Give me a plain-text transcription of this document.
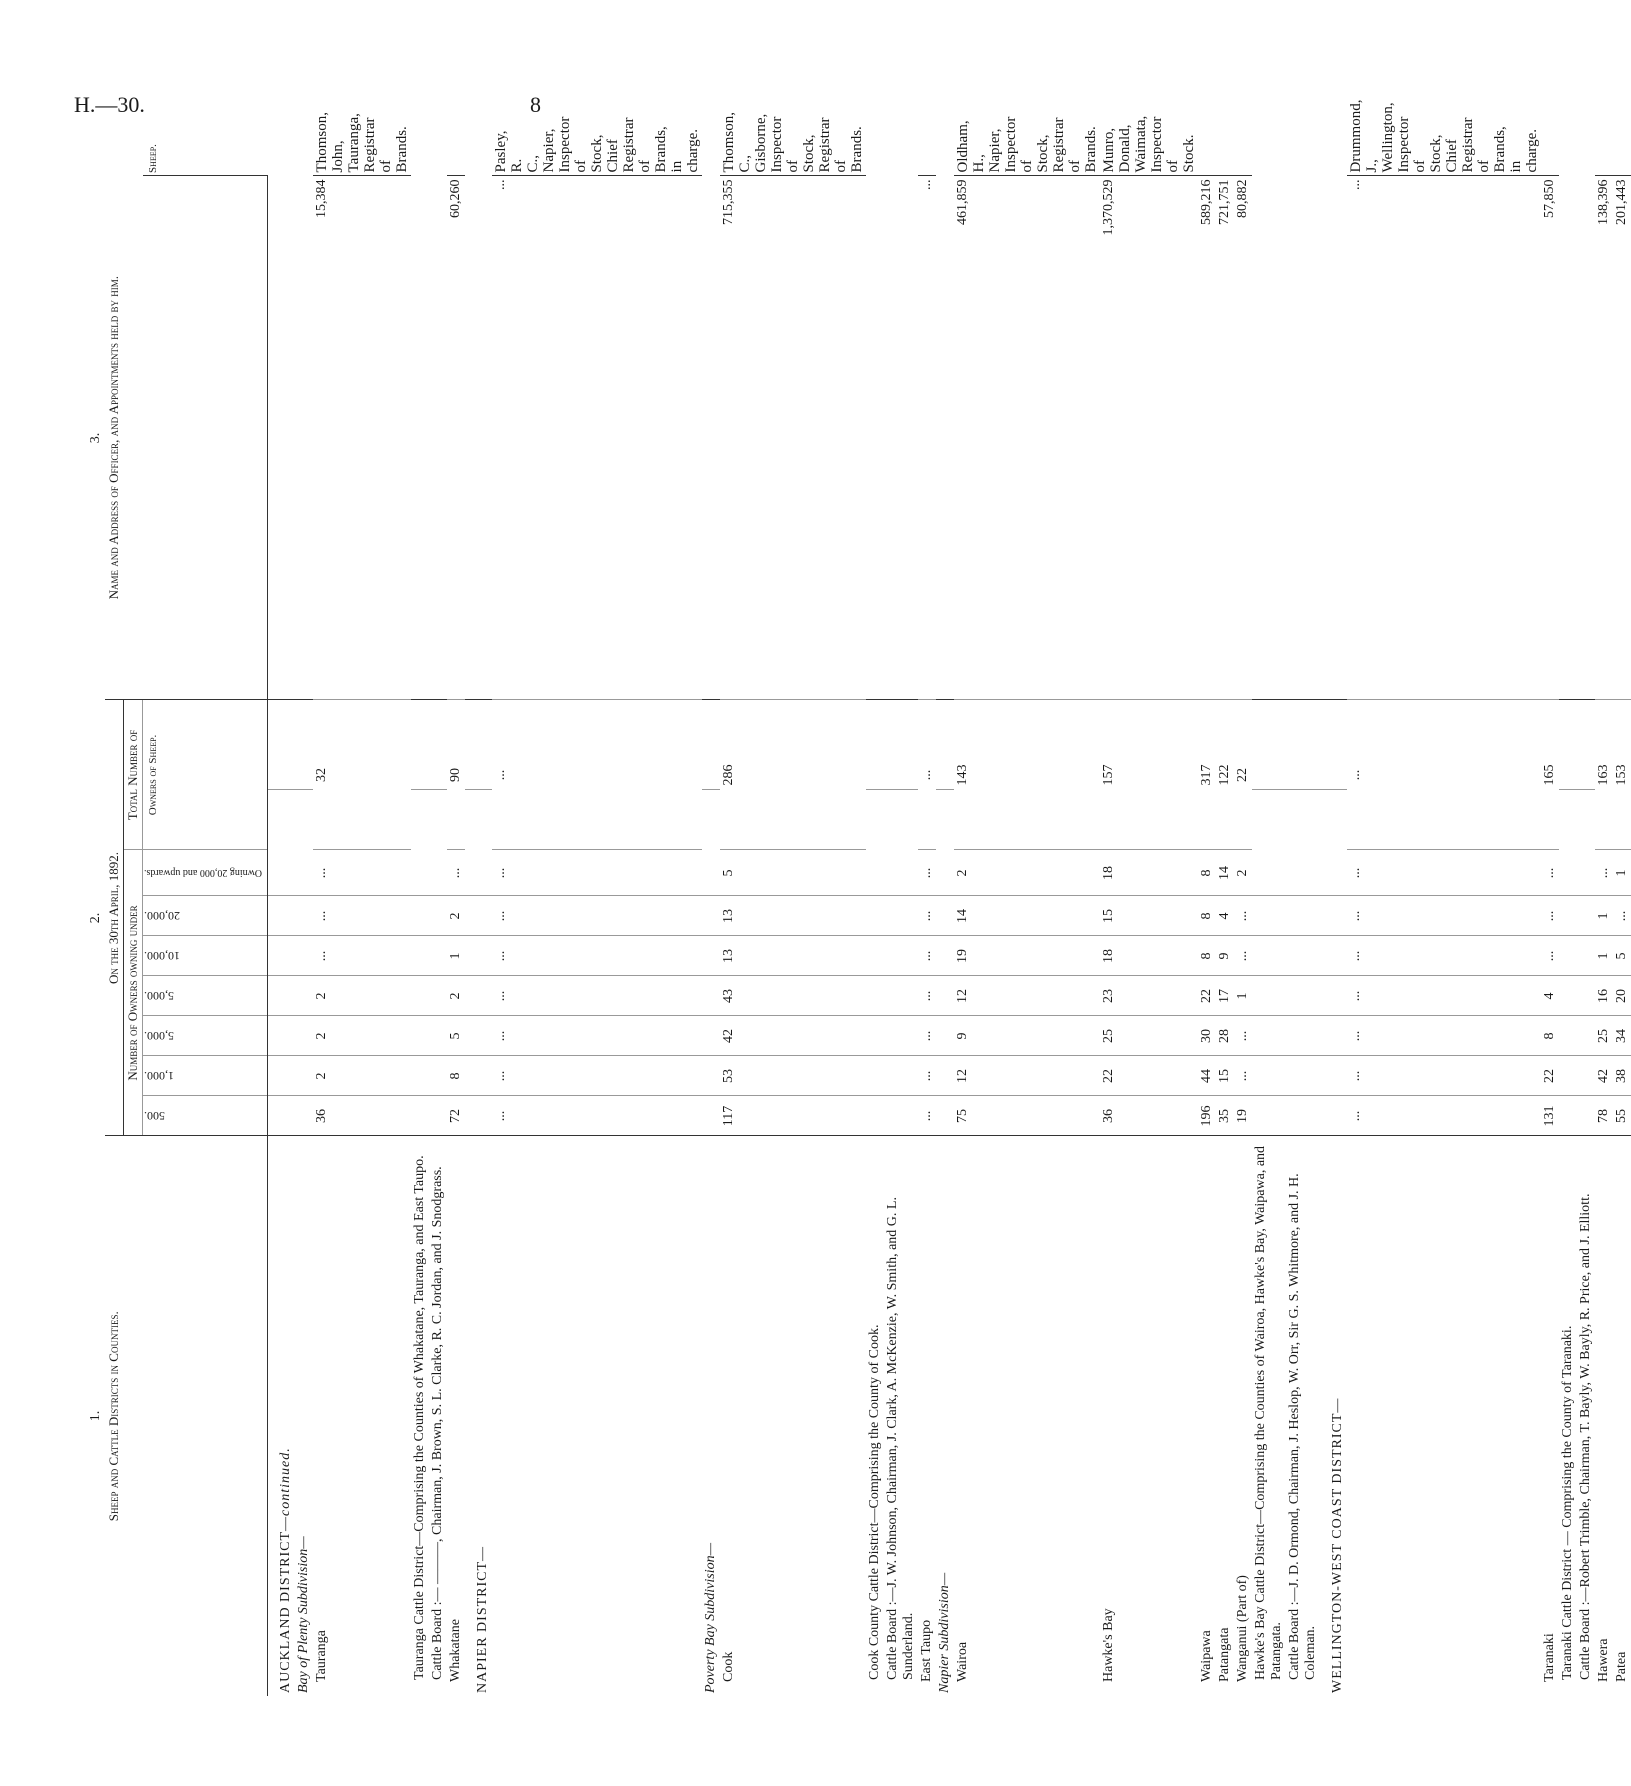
H.—30.	8
1.	2.									3.	
Sheep and Cattle Districts in Counties.	On the 30th April, 1892.									Name and Address of Officer, and Appointments held by him.	
	Number of Owners owning under							Total Number of			
	500.	1,000.	5,000.	5,000.	10,000.	20,000.	Owning 20,000 and upwards.	Owners of Sheep.			Sheep.
AUCKLAND DISTRICT—continued.											
Bay of Plenty Subdivision—											
Tauranga	36	2	2	2	...	...	...	32		15,384	Thomson, John, Tauranga, Registrar of Brands.
Tauranga Cattle District—Comprising the Counties of Whakatane, Tauranga, and East Taupo.											
Cattle Board :— ———, Chairman, J. Brown, S. L. Clarke, R. C. Jordan, and J. Snodgrass.											
Whakatane	72	8	5	2	1	2	...	90		60,260	
NAPIER DISTRICT—											
	...	...	...	...	...	...	...	...		...	Pasley, R. C., Napier, Inspector of Stock, Chief Registrar of Brands, in charge.
Poverty Bay Subdivision—											
Cook	117	53	42	43	13	13	5	286		715,355	Thomson, C., Gisborne, Inspector of Stock, Registrar of Brands.
Cook County Cattle District—Comprising the County of Cook.											
Cattle Board :—J. W. Johnson, Chairman, J. Clark, A. McKenzie, W. Smith, and G. L. Sunderland.											
East Taupo	...	...	...	...	...	...	...	...		...	
Napier Subdivision—											
Wairoa	75	12	9	12	19	14	2	143		461,859	Oldham, H., Napier, Inspector of Stock, Registrar of Brands.
Hawke's Bay	36	22	25	23	18	15	18	157		1,370,529	Munro, Donald, Waimata, Inspector of Stock.
Waipawa	196	44	30	22	8	8	8	317		589,216	
Patangata	35	15	28	17	9	4	14	122		721,751	
Wanganui (Part of)	19	...	...	1	...	...	2	22		80,882	
Hawke's Bay Cattle District—Comprising the Counties of Wairoa, Hawke's Bay, Waipawa, and Patangata.											
Cattle Board :—J. D. Ormond, Chairman, J. Heslop, W. Orr, Sir G. S. Whitmore, and J. H. Coleman.											
WELLINGTON-WEST COAST DISTRICT—											
	...	...	...	...	...	...	...	...		...	Drummond, J., Wellington, Inspector of Stock, Chief Registrar of Brands, in charge.
Taranaki	131	22	8	4	...	...	...	165		57,850	
Taranaki Cattle District — Comprising the County of Taranaki.											
Cattle Board :—Robert Trimble, Chairman, T. Bayly, W. Bayly, R. Price, and J. Elliott.											
Hawera	78	42	25	16	1	1	...	163		138,396	
Patea	55	38	34	20	5	...	1	153		201,443	
